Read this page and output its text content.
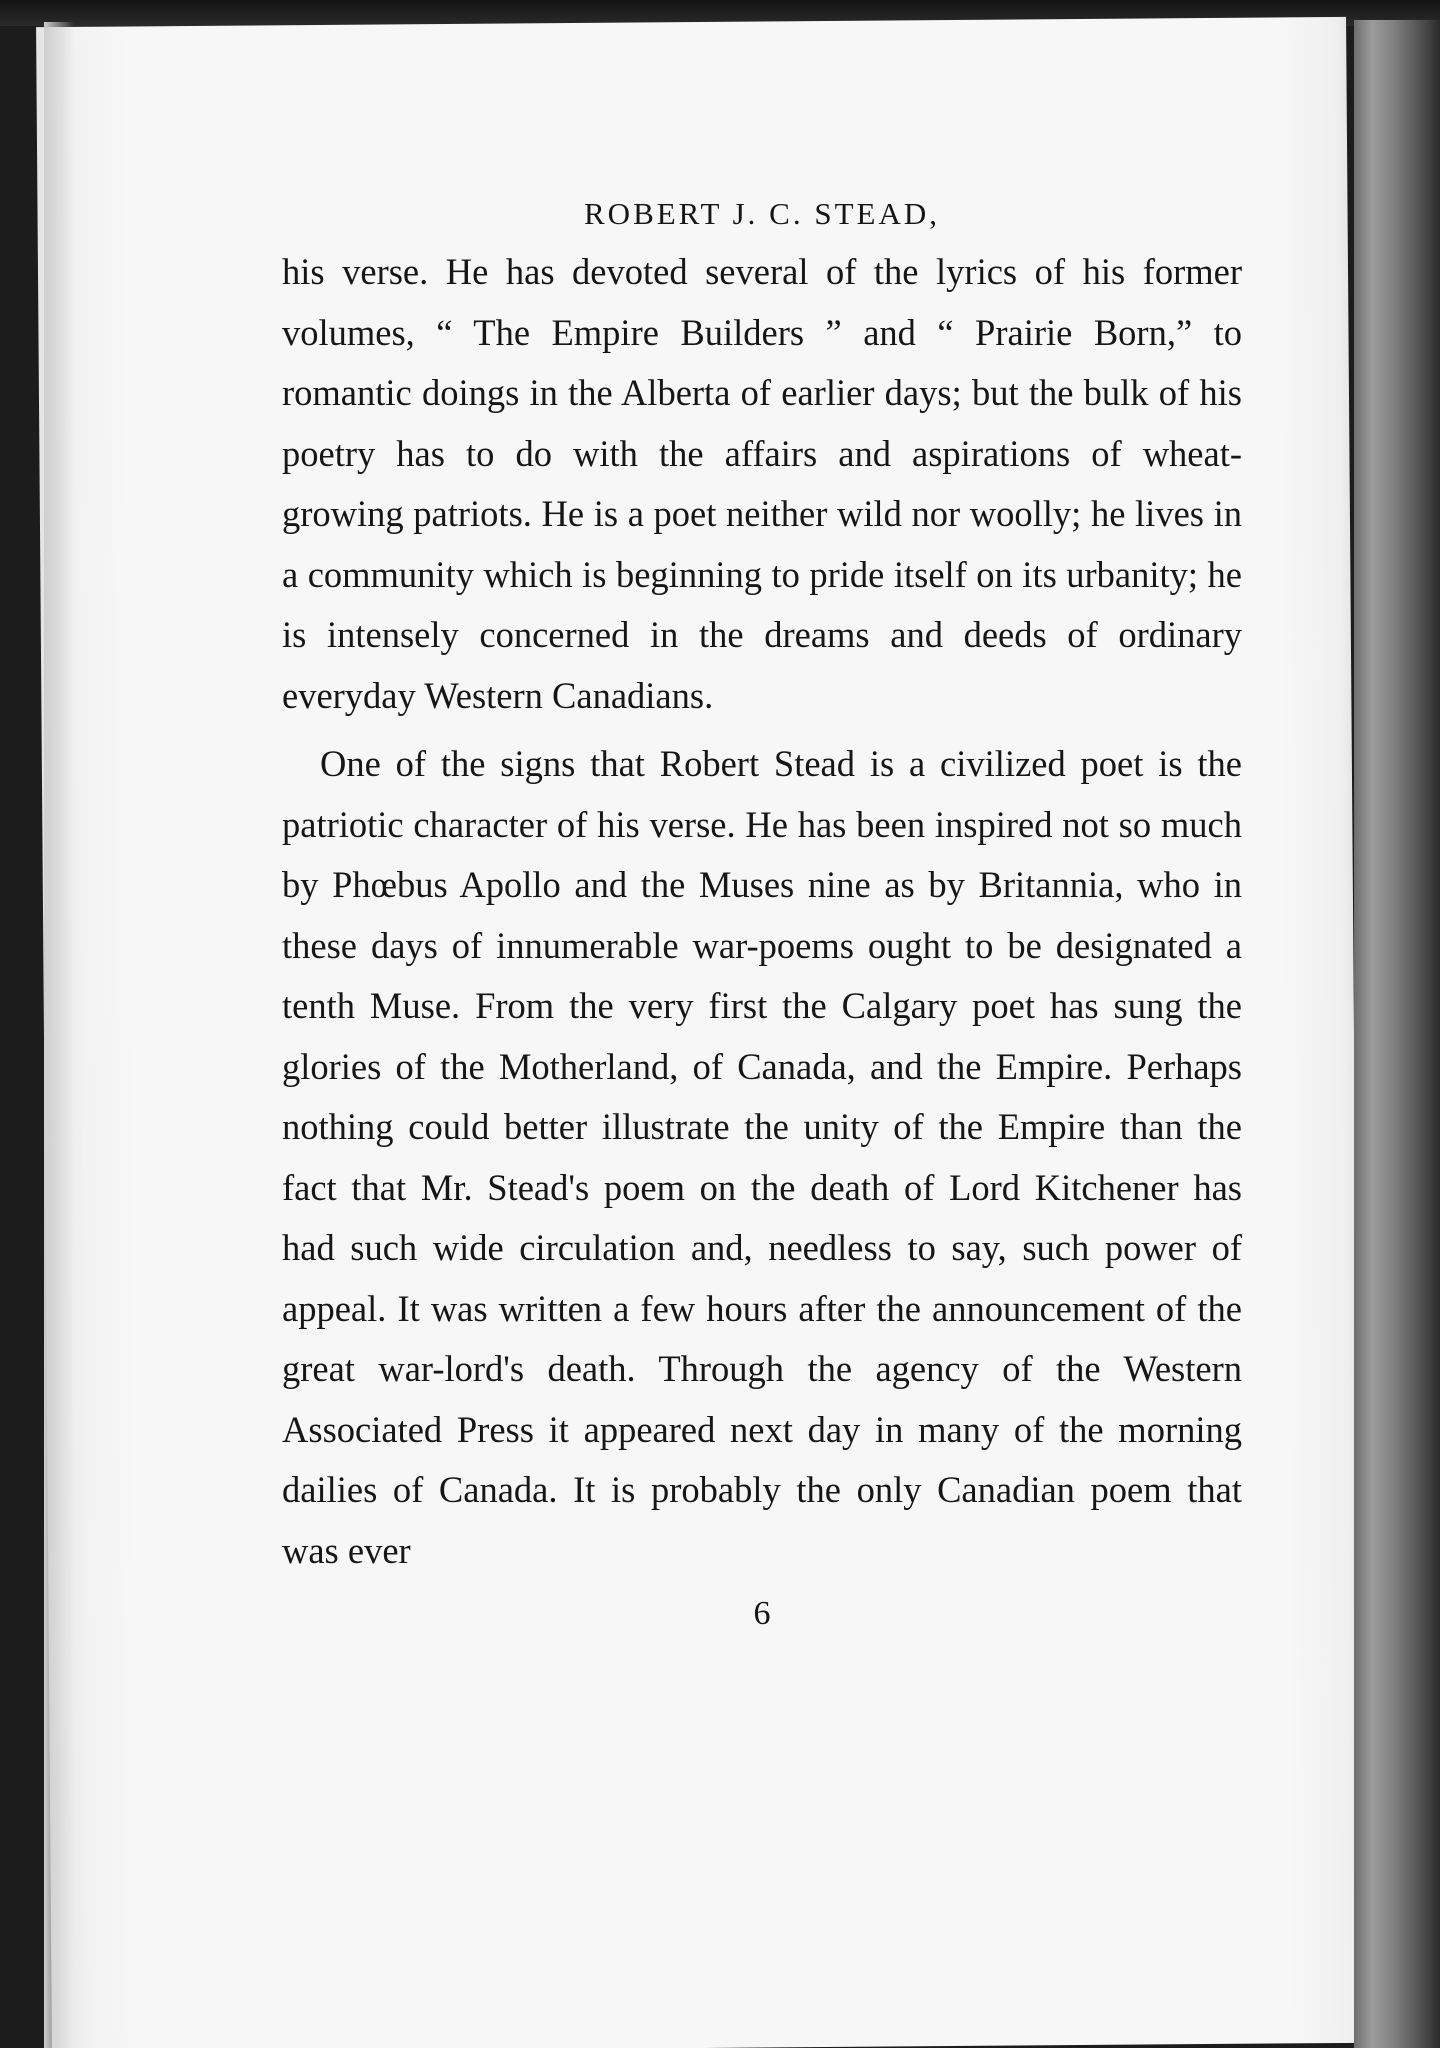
ROBERT J. C. STEAD,

his verse. He has devoted several of the lyrics of his former volumes, “ The Empire Builders ” and “ Prairie Born,” to romantic doings in the Alberta of earlier days; but the bulk of his poetry has to do with the affairs and aspirations of wheat-growing patriots. He is a poet neither wild nor woolly; he lives in a community which is beginning to pride itself on its urbanity; he is intensely concerned in the dreams and deeds of ordinary everyday Western Canadians.

One of the signs that Robert Stead is a civilized poet is the patriotic character of his verse. He has been inspired not so much by Phœbus Apollo and the Muses nine as by Britannia, who in these days of innumerable war-poems ought to be designated a tenth Muse. From the very first the Calgary poet has sung the glories of the Motherland, of Canada, and the Empire. Perhaps nothing could better illustrate the unity of the Empire than the fact that Mr. Stead's poem on the death of Lord Kitchener has had such wide circulation and, needless to say, such power of appeal. It was written a few hours after the announcement of the great war-lord's death. Through the agency of the Western Associated Press it appeared next day in many of the morning dailies of Canada. It is probably the only Canadian poem that was ever

6
